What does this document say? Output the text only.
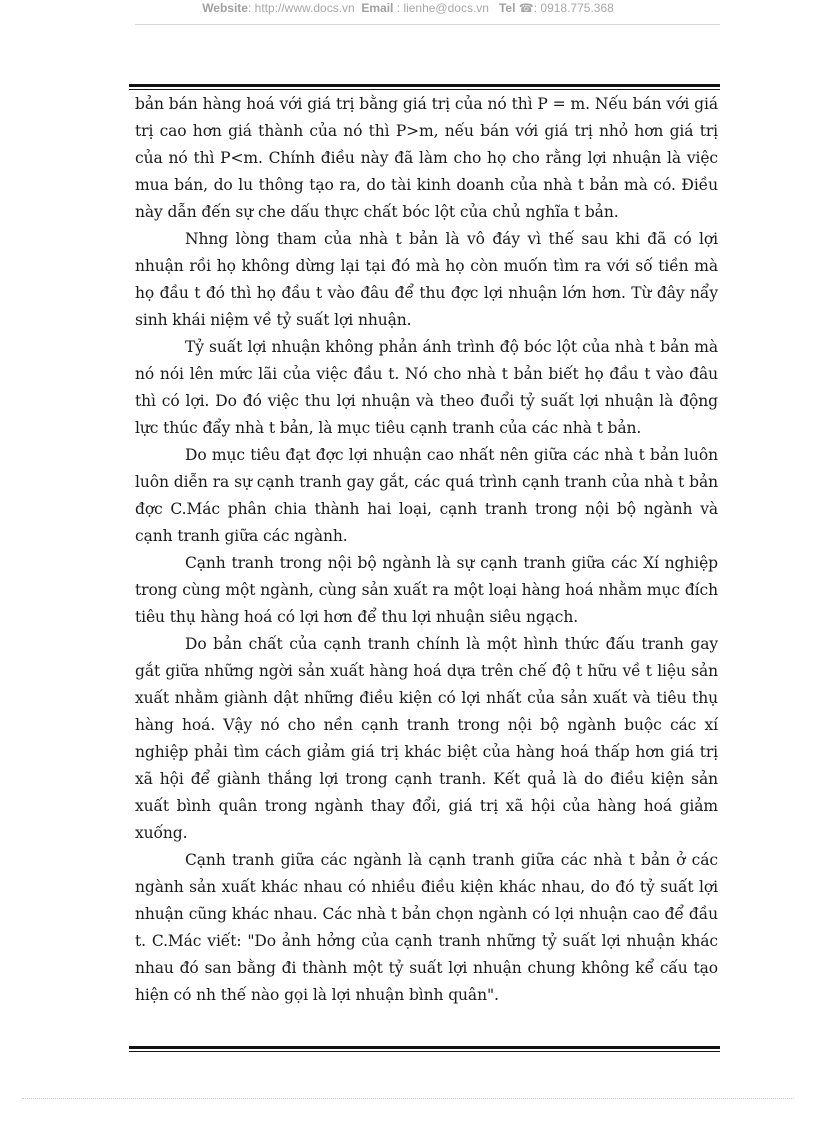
Website: http://www.docs.vn Email : lienhe@docs.vn Tel ☎: 0918.775.368

bản bán hàng hoá với giá trị bằng giá trị của nó thì P = m. Nếu bán với giá trị cao hơn giá thành của nó thì P>m, nếu bán với giá trị nhỏ hơn giá trị của nó thì P<m. Chính điều này đã làm cho họ cho rằng lợi nhuận là việc mua bán, do lu thông tạo ra, do tài kinh doanh của nhà t bản mà có. Điều này dẫn đến sự che dấu thực chất bóc lột của chủ nghĩa t bản.

Nhng lòng tham của nhà t bản là vô đáy vì thế sau khi đã có lợi nhuận rồi họ không dừng lại tại đó mà họ còn muốn tìm ra với số tiền mà họ đầu t đó thì họ đầu t vào đâu để thu đợc lợi nhuận lớn hơn. Từ đây nẩy sinh khái niệm về tỷ suất lợi nhuận.

Tỷ suất lợi nhuận không phản ánh trình độ bóc lột của nhà t bản mà nó nói lên mức lãi của việc đầu t. Nó cho nhà t bản biết họ đầu t vào đâu thì có lợi. Do đó việc thu lợi nhuận và theo đuổi tỷ suất lợi nhuận là động lực thúc đẩy nhà t bản, là mục tiêu cạnh tranh của các nhà t bản.

Do mục tiêu đạt đợc lợi nhuận cao nhất nên giữa các nhà t bản luôn luôn diễn ra sự cạnh tranh gay gắt, các quá trình cạnh tranh của nhà t bản đợc C.Mác phân chia thành hai loại, cạnh tranh trong nội bộ ngành và cạnh tranh giữa các ngành.

Cạnh tranh trong nội bộ ngành là sự cạnh tranh giữa các Xí nghiệp trong cùng một ngành, cùng sản xuất ra một loại hàng hoá nhằm mục đích tiêu thụ hàng hoá có lợi hơn để thu lợi nhuận siêu ngạch.

Do bản chất của cạnh tranh chính là một hình thức đấu tranh gay gắt giữa những ngời sản xuất hàng hoá dựa trên chế độ t hữu về t liệu sản xuất nhằm giành dật những điều kiện có lợi nhất của sản xuất và tiêu thụ hàng hoá. Vậy nó cho nền cạnh tranh trong nội bộ ngành buộc các xí nghiệp phải tìm cách giảm giá trị khác biệt của hàng hoá thấp hơn giá trị xã hội để giành thắng lợi trong cạnh tranh. Kết quả là do điều kiện sản xuất bình quân trong ngành thay đổi, giá trị xã hội của hàng hoá giảm xuống.

Cạnh tranh giữa các ngành là cạnh tranh giữa các nhà t bản ở các ngành sản xuất khác nhau có nhiều điều kiện khác nhau, do đó tỷ suất lợi nhuận cũng khác nhau. Các nhà t bản chọn ngành có lợi nhuận cao để đầu t. C.Mác viết: "Do ảnh hởng của cạnh tranh những tỷ suất lợi nhuận khác nhau đó san bằng đi thành một tỷ suất lợi nhuận chung không kể cấu tạo hiện có nh thế nào gọi là lợi nhuận bình quân".
